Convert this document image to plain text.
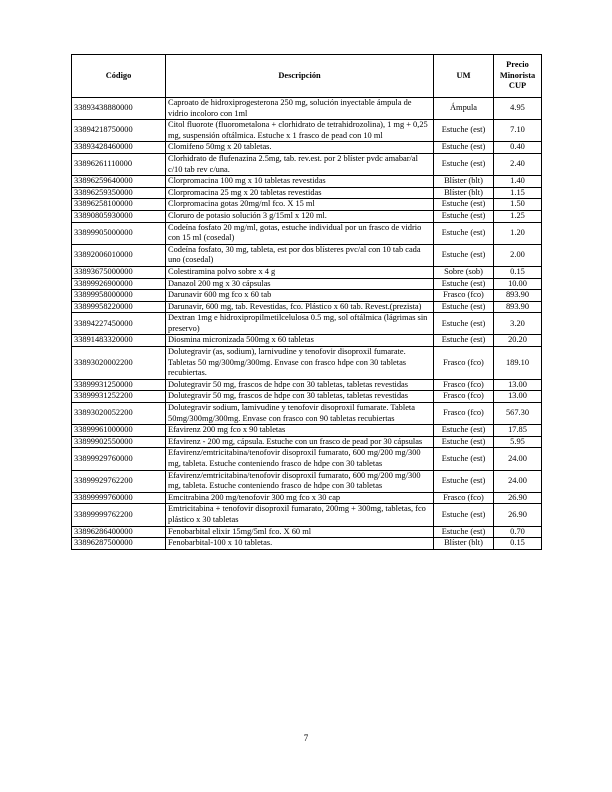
Código	Descripción	UM	Precio
Minorista
CUP
33893438880000	Caproato de hidroxiprogesterona 250 mg, solución inyectable ámpula de vidrio incoloro con 1ml	Ámpula	4.95
33894218750000	Citol fluorote (fluorometalona + clorhidrato de tetrahidrozolina), 1 mg + 0,25 mg, suspensión oftálmica. Estuche x 1 frasco de pead con 10 ml	Estuche (est)	7.10
33893428460000	Clomifeno 50mg x 20 tabletas.	Estuche (est)	0.40
33896261110000	Clorhidrato de flufenazina 2.5mg, tab. rev.est. por 2 blíster pvdc amabar/al c/10 tab rev c/una.	Estuche (est)	2.40
33896259640000	Clorpromacina 100 mg x 10 tabletas revestidas	Blíster (blt)	1.40
33896259350000	Clorpromacina 25 mg x 20 tabletas revestidas	Blíster (blt)	1.15
33896258100000	Clorpromacina gotas 20mg/ml fco. X 15 ml	Estuche (est)	1.50
33890805930000	Cloruro de potasio solución 3 g/15ml x 120 ml.	Estuche (est)	1.25
33899905000000	Codeína fosfato 20 mg/ml, gotas, estuche individual por un frasco de vidrio con 15 ml (cosedal)	Estuche (est)	1.20
33892006010000	Codeína fosfato, 30 mg, tableta, est por dos blísteres pvc/al con 10 tab cada uno (cosedal)	Estuche (est)	2.00
33893675000000	Colestiramina polvo sobre x 4 g	Sobre (sob)	0.15
33899926900000	Danazol 200 mg x 30 cápsulas	Estuche (est)	10.00
33899958000000	Darunavir 600 mg fco x 60 tab	Frasco (fco)	893.90
33899958220000	Darunavir, 600 mg, tab. Revestidas, fco. Plástico x 60 tab. Revest.(prezista)	Estuche (est)	893.90
33894227450000	Dextran 1mg e hidroxipropilmetilcelulosa 0.5 mg, sol oftálmica (lágrimas sin preservo)	Estuche (est)	3.20
33891483320000	Diosmina micronizada 500mg x 60 tabletas	Estuche (est)	20.20
33893020002200	Dolutegravir (as, sodium), larnivudine y tenofovir disoproxil fumarate. Tabletas 50 mg/300mg/300mg. Envase con frasco hdpe con 30 tabletas recubiertas.	Frasco (fco)	189.10
33899931250000	Dolutegravir 50 mg, frascos de hdpe con 30 tabletas, tabletas revestidas	Frasco (fco)	13.00
33899931252200	Dolutegravir 50 mg, frascos de hdpe con 30 tabletas, tabletas revestidas	Frasco (fco)	13.00
33893020052200	Dolutegravir sodium, lamivudine y tenofovir disoproxil fumarate. Tableta 50mg/300mg/300mg. Envase con frasco con 90 tabletas recubiertas	Frasco (fco)	567.30
33899961000000	Efavirenz 200 mg fco x 90 tabletas	Estuche (est)	17.85
33899902550000	Efavirenz - 200 mg, cápsula. Estuche con un frasco de pead por 30 cápsulas	Estuche (est)	5.95
33899929760000	Efavirenz/emtricitabina/tenofovir disoproxil fumarato, 600 mg/200 mg/300 mg, tableta. Estuche conteniendo frasco de hdpe con 30 tabletas	Estuche (est)	24.00
33899929762200	Efavirenz/emtricitabina/tenofovir disoproxil fumarato, 600 mg/200 mg/300 mg, tableta. Estuche conteniendo frasco de hdpe con 30 tabletas	Estuche (est)	24.00
33899999760000	Emcitrabina 200 mg/tenofovir 300 mg fco x 30 cap	Frasco (fco)	26.90
33899999762200	Emtricitabina + tenofovir disoproxil fumarato, 200mg + 300mg, tabletas, fco plástico x 30 tabletas	Estuche (est)	26.90
33896286400000	Fenobarbital elixir 15mg/5ml fco. X 60 ml	Estuche (est)	0.70
33896287500000	Fenobarbital-100 x 10 tabletas.	Blíster (blt)	0.15
7
